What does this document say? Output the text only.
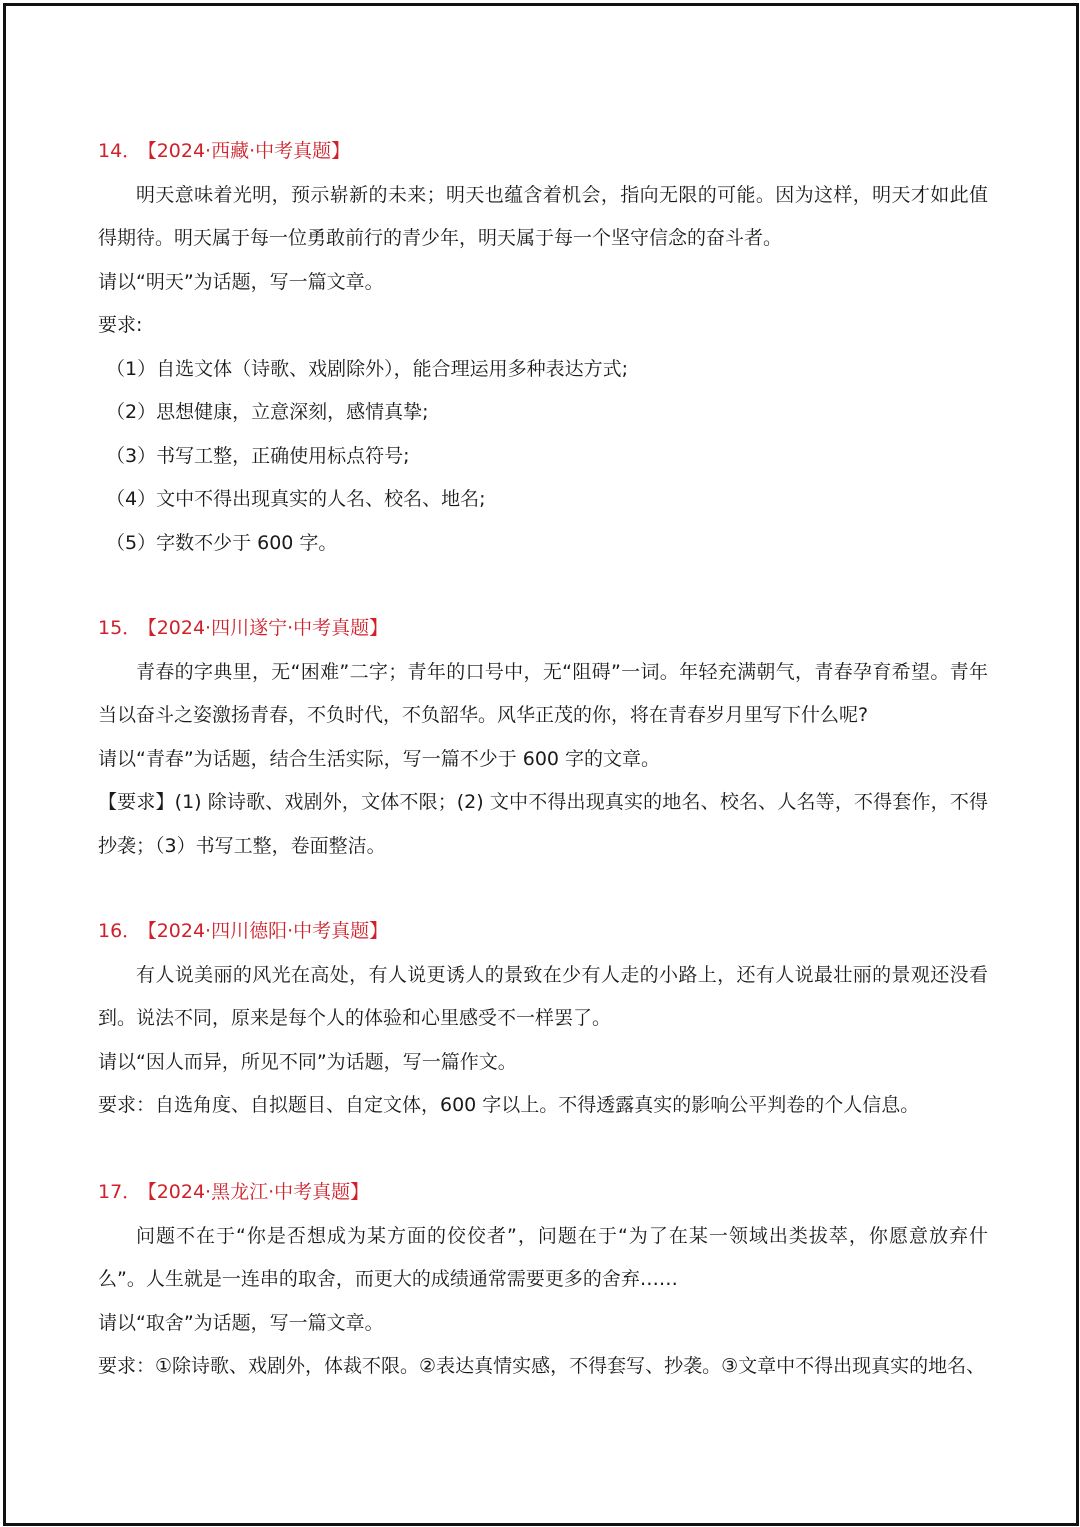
14． 【2024·西藏·中考真题】
明天意味着光明，预示崭新的未来；明天也蕴含着机会，指向无限的可能。因为这样，明天才如此值得期待。明天属于每一位勇敢前行的青少年，明天属于每一个坚守信念的奋斗者。
请以“明天”为话题，写一篇文章。
要求:
（1）自选文体（诗歌、戏剧除外），能合理运用多种表达方式;
（2）思想健康，立意深刻，感情真挚;
（3）书写工整，正确使用标点符号;
（4）文中不得出现真实的人名、校名、地名;
（5）字数不少于 600 字。
15． 【2024·四川遂宁·中考真题】
青春的字典里，无“困难”二字；青年的口号中，无“阻碍”一词。年轻充满朝气，青春孕育希望。青年当以奋斗之姿激扬青春，不负时代，不负韶华。风华正茂的你，将在青春岁月里写下什么呢?
请以“青春”为话题，结合生活实际，写一篇不少于 600 字的文章。
【要求】(1) 除诗歌、戏剧外，文体不限；(2) 文中不得出现真实的地名、校名、人名等，不得套作，不得抄袭；（3）书写工整，卷面整洁。
16． 【2024·四川德阳·中考真题】
有人说美丽的风光在高处，有人说更诱人的景致在少有人走的小路上，还有人说最壮丽的景观还没看到。说法不同，原来是每个人的体验和心里感受不一样罢了。
请以“因人而异，所见不同”为话题，写一篇作文。
要求：自选角度、自拟题目、自定文体，600 字以上。不得透露真实的影响公平判卷的个人信息。
17． 【2024·黑龙江·中考真题】
问题不在于“你是否想成为某方面的佼佼者”，问题在于“为了在某一领域出类拔萃，你愿意放弃什么”。人生就是一连串的取舍，而更大的成绩通常需要更多的舍弃……
请以“取舍”为话题，写一篇文章。
要求：①除诗歌、戏剧外，体裁不限。②表达真情实感，不得套写、抄袭。③文章中不得出现真实的地名、
